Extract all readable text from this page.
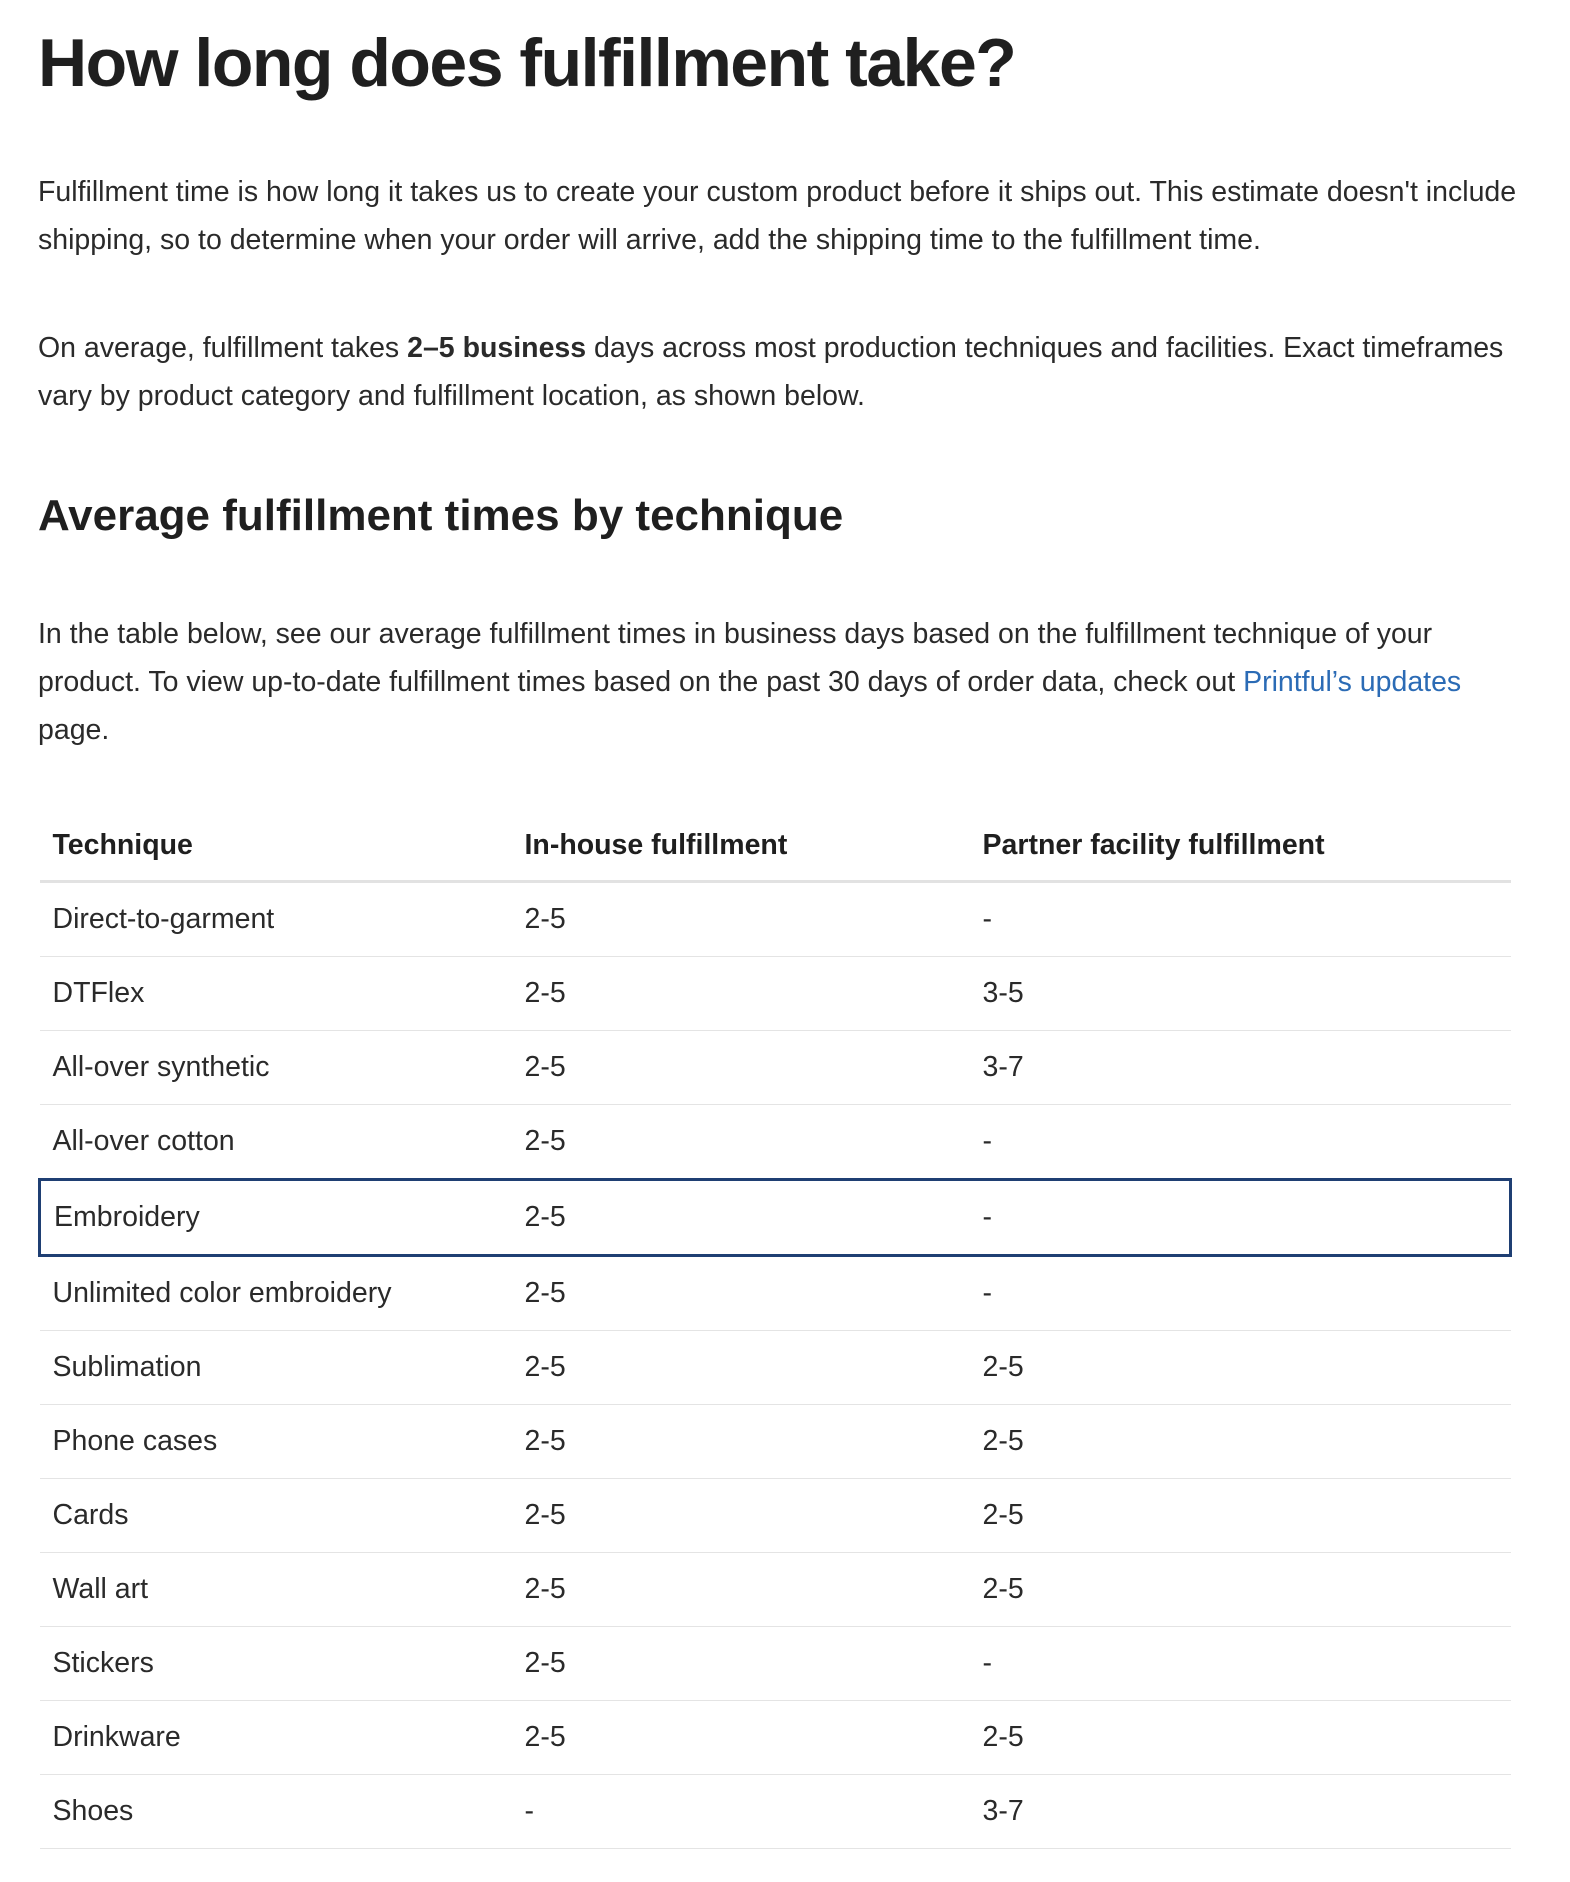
How long does fulfillment take?

Fulfillment time is how long it takes us to create your custom product before it ships out. This estimate doesn't include shipping, so to determine when your order will arrive, add the shipping time to the fulfillment time.

On average, fulfillment takes 2–5 business days across most production techniques and facilities. Exact timeframes vary by product category and fulfillment location, as shown below.

Average fulfillment times by technique

In the table below, see our average fulfillment times in business days based on the fulfillment technique of your product. To view up-to-date fulfillment times based on the past 30 days of order data, check out Printful’s updates page.

Technique	In-house fulfillment	Partner facility fulfillment
Direct-to-garment	2-5	-
DTFlex	2-5	3-5
All-over synthetic	2-5	3-7
All-over cotton	2-5	-
Embroidery	2-5	-
Unlimited color embroidery	2-5	-
Sublimation	2-5	2-5
Phone cases	2-5	2-5
Cards	2-5	2-5
Wall art	2-5	2-5
Stickers	2-5	-
Drinkware	2-5	2-5
Shoes	-	3-7
